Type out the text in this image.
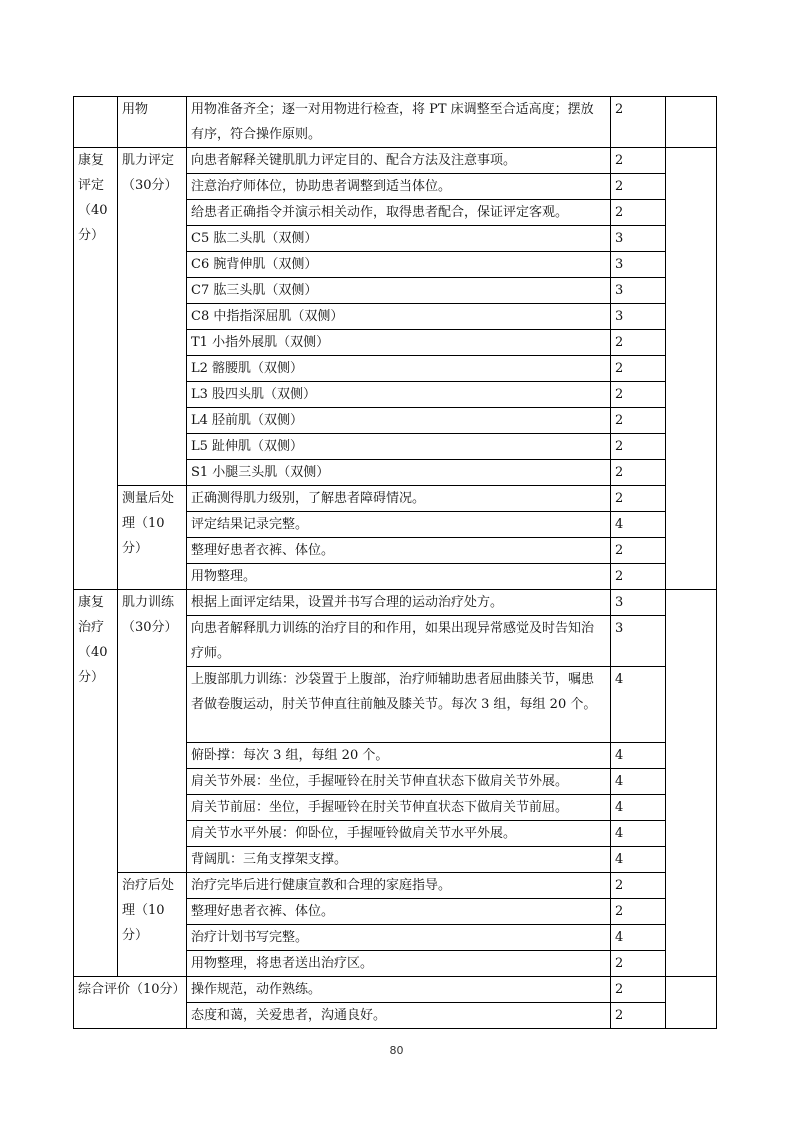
	用物	用物准备齐全；逐一对用物进行检查，将 PT 床调整至合适高度；摆放有序，符合操作原则。	2	
康复评定（40分）	肌力评定（30分）	向患者解释关键肌肌力评定目的、配合方法及注意事项。	2	
		注意治疗师体位，协助患者调整到适当体位。	2	
		给患者正确指令并演示相关动作，取得患者配合，保证评定客观。	2	
		C5 肱二头肌（双侧）	3	
		C6 腕背伸肌（双侧）	3	
		C7 肱三头肌（双侧）	3	
		C8 中指指深屈肌（双侧）	3	
		T1 小指外展肌（双侧）	2	
		L2 髂腰肌（双侧）	2	
		L3 股四头肌（双侧）	2	
		L4 胫前肌（双侧）	2	
		L5 趾伸肌（双侧）	2	
		S1 小腿三头肌（双侧）	2	
	测量后处理（10分）	正确测得肌力级别，了解患者障碍情况。	2	
		评定结果记录完整。	4	
		整理好患者衣裤、体位。	2	
		用物整理。	2	
康复治疗（40分）	肌力训练（30分）	根据上面评定结果，设置并书写合理的运动治疗处方。	3	
		向患者解释肌力训练的治疗目的和作用，如果出现异常感觉及时告知治疗师。	3	
		上腹部肌力训练：沙袋置于上腹部，治疗师辅助患者屈曲膝关节，嘱患者做卷腹运动，肘关节伸直往前触及膝关节。每次 3 组，每组 20 个。	4	
		俯卧撑：每次 3 组，每组 20 个。	4	
		肩关节外展：坐位，手握哑铃在肘关节伸直状态下做肩关节外展。	4	
		肩关节前屈：坐位，手握哑铃在肘关节伸直状态下做肩关节前屈。	4	
		肩关节水平外展：仰卧位，手握哑铃做肩关节水平外展。	4	
		背阔肌：三角支撑架支撑。	4	
	治疗后处理（10分）	治疗完毕后进行健康宣教和合理的家庭指导。	2	
		整理好患者衣裤、体位。	2	
		治疗计划书写完整。	4	
		用物整理，将患者送出治疗区。	2	
综合评价（10分）		操作规范，动作熟练。	2	
		态度和蔼，关爱患者，沟通良好。	2	
80
